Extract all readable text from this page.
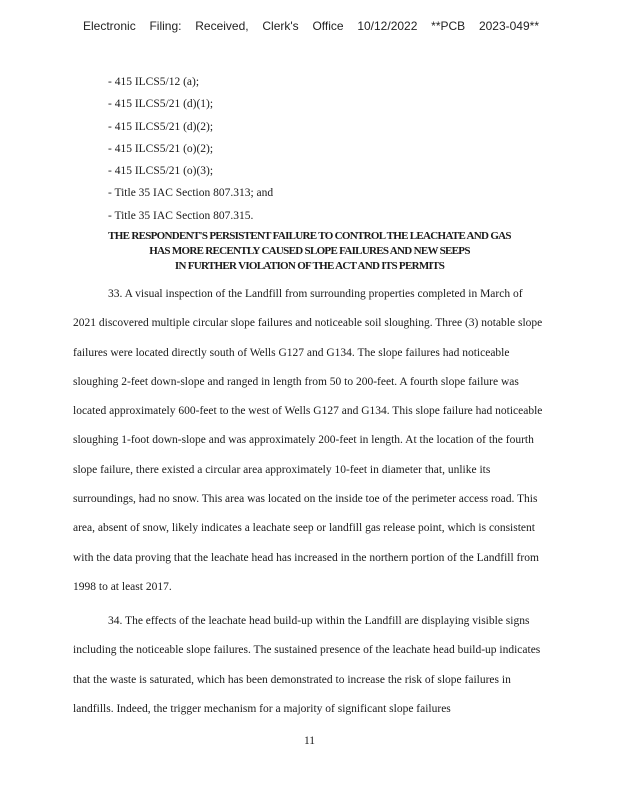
Electronic Filing: Received, Clerk's Office 10/12/2022 **PCB 2023-049**
- 415 ILCS5/12 (a);
- 415 ILCS5/21 (d)(1);
- 415 ILCS5/21 (d)(2);
- 415 ILCS5/21 (o)(2);
- 415 ILCS5/21 (o)(3);
- Title 35 IAC Section 807.313; and
- Title 35 IAC Section 807.315.
THE RESPONDENT'S PERSISTENT FAILURE TO CONTROL THE LEACHATE AND GAS
HAS MORE RECENTLY CAUSED SLOPE FAILURES AND NEW SEEPS
IN FURTHER VIOLATION OF THE ACT AND ITS PERMITS

33. A visual inspection of the Landfill from surrounding properties completed in March of 2021 discovered multiple circular slope failures and noticeable soil sloughing. Three (3) notable slope failures were located directly south of Wells G127 and G134. The slope failures had noticeable sloughing 2-feet down-slope and ranged in length from 50 to 200-feet. A fourth slope failure was located approximately 600-feet to the west of Wells G127 and G134. This slope failure had noticeable sloughing 1-foot down-slope and was approximately 200-feet in length. At the location of the fourth slope failure, there existed a circular area approximately 10-feet in diameter that, unlike its surroundings, had no snow. This area was located on the inside toe of the perimeter access road. This area, absent of snow, likely indicates a leachate seep or landfill gas release point, which is consistent with the data proving that the leachate head has increased in the northern portion of the Landfill from 1998 to at least 2017.

34. The effects of the leachate head build-up within the Landfill are displaying visible signs including the noticeable slope failures. The sustained presence of the leachate head build-up indicates that the waste is saturated, which has been demonstrated to increase the risk of slope failures in landfills. Indeed, the trigger mechanism for a majority of significant slope failures

11
